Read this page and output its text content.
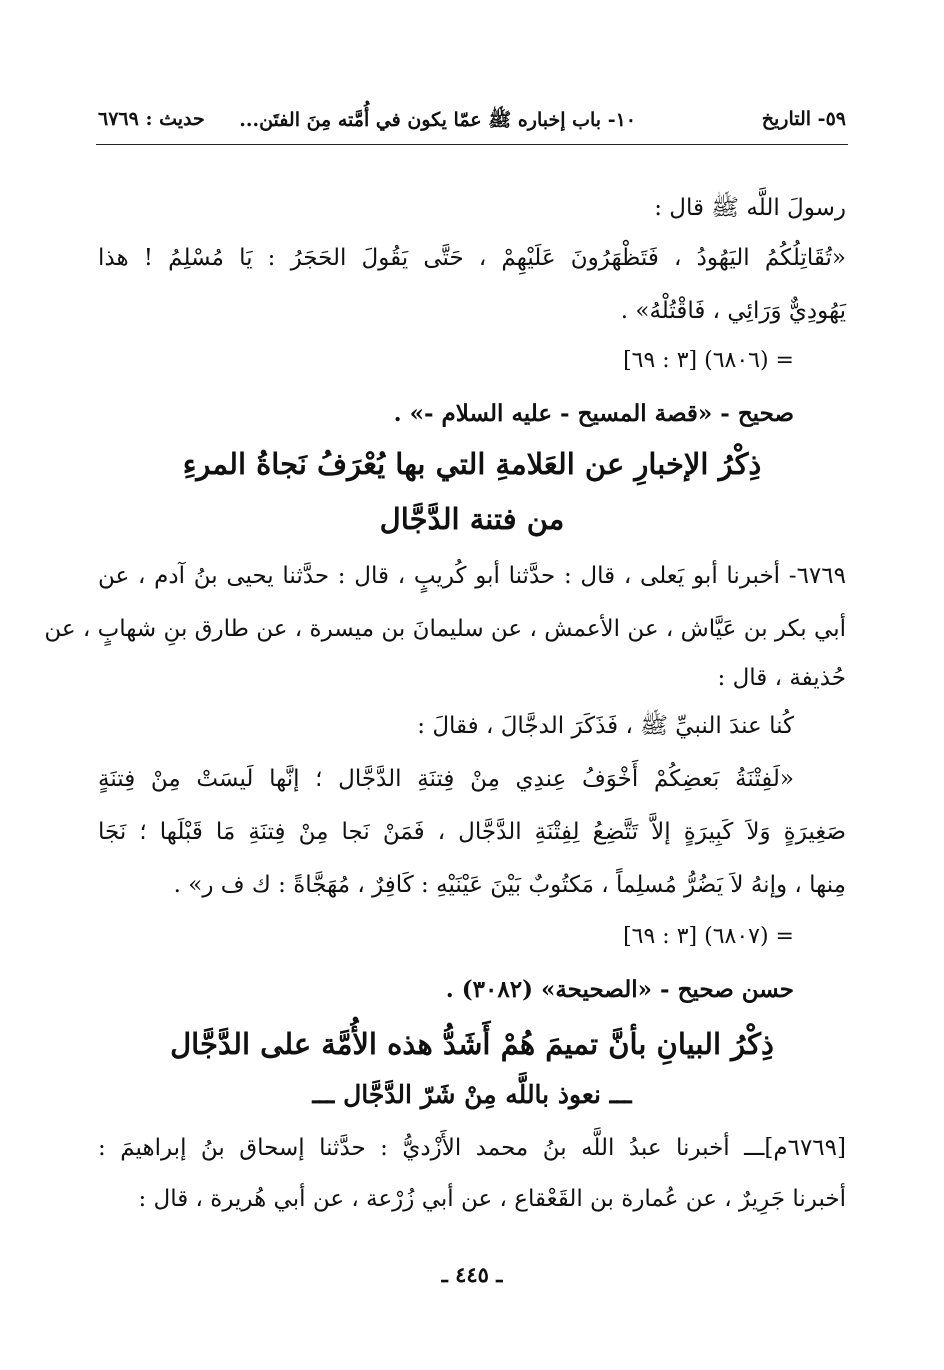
٥٩- التاريخ
١٠- باب إخباره ﷺ عمّا يكون في أُمَّته مِنَ الفتَن...
حديث : ٦٧٦٩
رسولَ اللَّه ﷺ قال :
«تُقَاتِلُكُمُ اليَهُودُ ، فَتَظْهَرُونَ عَلَيْهِمْ ، حَتَّى يَقُولَ الحَجَرُ : يَا مُسْلِمُ ! هذا
يَهُودِيٌّ وَرَائِي ، فَاقْتُلْهُ» .
= (٦٨٠٦) [٣ : ٦٩]
صحيح - «قصة المسيح - عليه السلام -» .
ذِكْرُ الإخبارِ عن العَلامةِ التي بها يُعْرَفُ نَجاةُ المرءِ
من فتنة الدَّجَّال
٦٧٦٩- أخبرنا أبو يَعلى ، قال : حدَّثنا أبو كُريبٍ ، قال : حدَّثنا يحيى بنُ آدم ، عن
أبي بكر بن عَيَّاش ، عن الأعمش ، عن سليمانَ بن ميسرة ، عن طارق بنِ شهابٍ ، عن
حُذيفة ، قال :
كُنا عندَ النبيِّ ﷺ ، فَذَكَرَ الدجَّالَ ، فقالَ :
«لَفِتْنَةُ بَعضِكُمْ أَخْوَفُ عِندِي مِنْ فِتنَةِ الدَّجَّال ؛ إنَّها لَيسَتْ مِنْ فِتنَةٍ
صَغِيرَةٍ وَلاَ كَبِيرَةٍ إلاَّ تَتَّضِعُ لِفِتْنَةِ الدَّجَّال ، فَمَنْ نَجا مِنْ فِتنَةِ مَا قَبْلَها ؛ نَجَا
مِنها ، وإنهُ لاَ يَضُرُّ مُسلِماً ، مَكتُوبٌ بَيْنَ عَيْنَيْهِ : كَافِرٌ ، مُهَجَّاةً : ك ف ر» .
= (٦٨٠٧) [٣ : ٦٩]
حسن صحيح - «الصحيحة» (٣٠٨٢) .
ذِكْرُ البيانِ بأنَّ تميمَ هُمْ أَشَدُّ هذه الأُمَّة على الدَّجَّال
ـــ نعوذ باللَّه مِنْ شَرّ الدَّجَّال ـــ
[٦٧٦٩م]ـــ أخبرنا عبدُ اللَّه بنُ محمد الأَزْديُّ : حدَّثنا إسحاق بنُ إبراهيمَ :
أخبرنا جَرِيرٌ ، عن عُمارة بن القَعْقاع ، عن أبي زُرْعة ، عن أبي هُريرة ، قال :
ـ ٤٤٥ ـ
